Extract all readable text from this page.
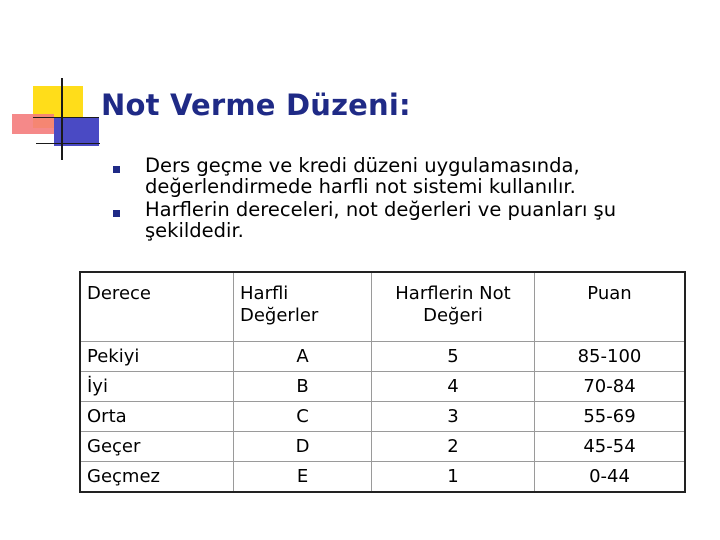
Not Verme Düzeni:
Ders geçme ve kredi düzeni uygulamasında, değerlendirmede harfli not sistemi kullanılır.
Harflerin dereceleri, not değerleri ve puanları şu şekildedir.
Derece	Harfli Değerler	Harflerin Not Değeri	Puan
Pekiyi	A	5	85-100
İyi	B	4	70-84
Orta	C	3	55-69
Geçer	D	2	45-54
Geçmez	E	1	0-44
